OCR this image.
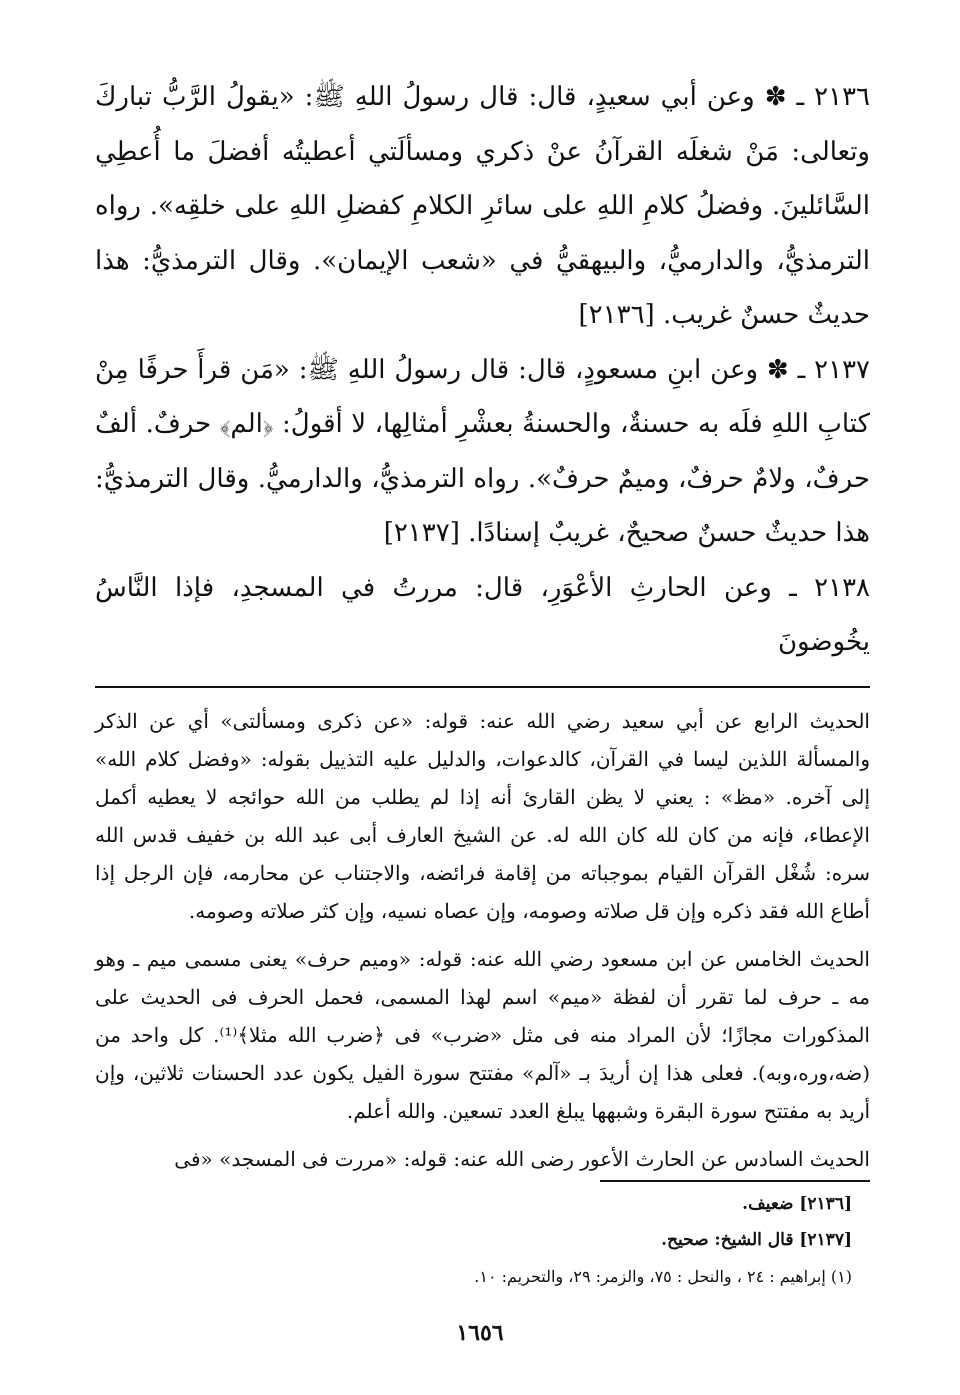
٢١٣٦ ـ ✽ وعن أبي سعيدٍ، قال: قال رسولُ اللهِ ﷺ: «يقولُ الرَّبُّ تباركَ وتعالى: مَنْ شغلَه القرآنُ عنْ ذكري ومسألَتي أعطيتُه أفضلَ ما أُعطِي السَّائلينَ. وفضلُ كلامِ اللهِ على سائرِ الكلامِ كفضلِ اللهِ على خلقِه». رواه الترمذيُّ، والدارميُّ، والبيهقيُّ في «شعب الإيمان». وقال الترمذيُّ: هذا حديثٌ حسنٌ غريب. [٢١٣٦]

٢١٣٧ ـ ✽ وعن ابنِ مسعودٍ، قال: قال رسولُ اللهِ ﷺ: «مَن قرأَ حرفًا مِنْ كتابِ اللهِ فلَه به حسنةٌ، والحسنةُ بعشْرِ أمثالِها، لا أقولُ: ﴿الم﴾ حرفٌ. ألفٌ حرفٌ، ولامٌ حرفٌ، وميمٌ حرفٌ». رواه الترمذيُّ، والدارميُّ. وقال الترمذيُّ: هذا حديثٌ حسنٌ صحيحٌ، غريبٌ إسنادًا. [٢١٣٧]

٢١٣٨ ـ وعن الحارثِ الأعْوَرِ، قال: مررتُ في المسجدِ، فإذا النَّاسُ يخُوضونَ

الحديث الرابع عن أبي سعيد رضي الله عنه: قوله: «عن ذكرى ومسألتى» أي عن الذكر والمسألة اللذين ليسا في القرآن، كالدعوات، والدليل عليه التذييل بقوله: «وفضل كلام الله» إلى آخره. «مظ» : يعني لا يظن القارئ أنه إذا لم يطلب من الله حوائجه لا يعطيه أكمل الإعطاء، فإنه من كان لله كان الله له. عن الشيخ العارف أبى عبد الله بن خفيف قدس الله سره: شُغْل القرآن القيام بموجباته من إقامة فرائضه، والاجتناب عن محارمه، فإن الرجل إذا أطاع الله فقد ذكره وإن قل صلاته وصومه، وإن عصاه نسيه، وإن كثر صلاته وصومه.

الحديث الخامس عن ابن مسعود رضي الله عنه: قوله: «وميم حرف» يعنى مسمى ميم ـ وهو مه ـ حرف لما تقرر أن لفظة «ميم» اسم لهذا المسمى، فحمل الحرف فى الحديث على المذكورات مجازًا؛ لأن المراد منه فى مثل «ضرب» فى ﴿ضرب الله مثلا﴾⁽¹⁾. كل واحد من (ضه،وره،وبه). فعلى هذا إن أريدَ بـ «آلم» مفتتح سورة الفيل يكون عدد الحسنات ثلاثين، وإن أريد به مفتتح سورة البقرة وشبهها يبلغ العدد تسعين. والله أعلم.

الحديث السادس عن الحارث الأعور رضى الله عنه: قوله: «مررت فى المسجد» «فى

[٢١٣٦] ضعيف.

[٢١٣٧] قال الشيخ: صحيح.

(١) إبراهيم : ٢٤ ، والنحل : ٧٥، والزمر: ٢٩، والتحريم: ١٠.

١٦٥٦
